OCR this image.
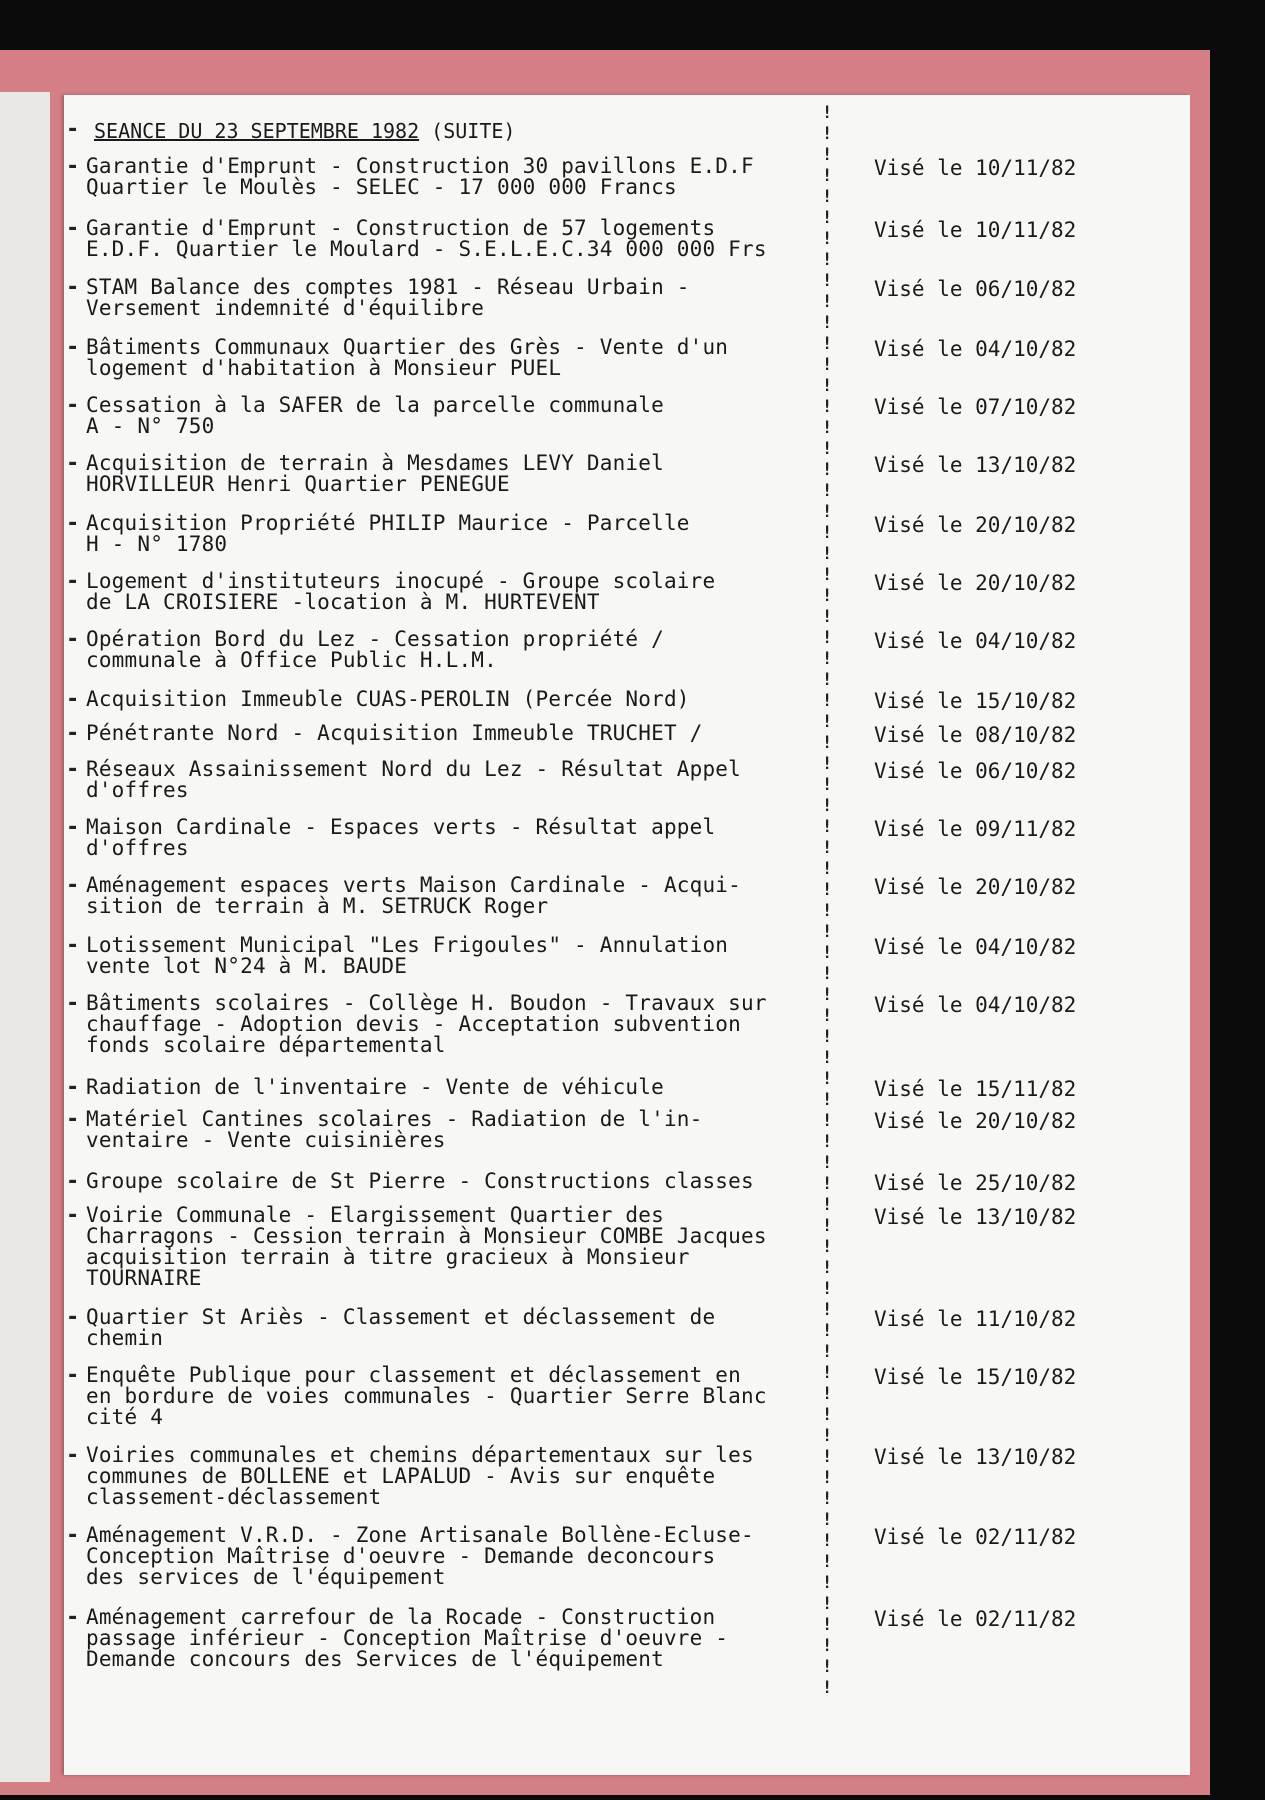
- SEANCE DU 23 SEPTEMBRE 1982 (SUITE)
!
!
!
!
!
!
!
!
!
!
!
!
!
!
!
!
!
!
!
!
!
!
!
!
!
!
!
!
!
!
!
!
!
!
!
!
!
!
!
!
!
!
!
!
!
!
!
!
!
!
!
!
!
!
!
!
!
!
!
!
!
!
!
!
!
!
!
!
!
!
!
!
!
!
!
!
- Garantie d'Emprunt - Construction 30 pavillons E.D.F
Quartier le Moulès - SELEC - 17 000 000 Francs
Visé le 10/11/82
- Garantie d'Emprunt - Construction de 57 logements
E.D.F. Quartier le Moulard - S.E.L.E.C.34 000 000 Frs
Visé le 10/11/82
- STAM Balance des comptes 1981 - Réseau Urbain -
Versement indemnité d'équilibre
Visé le 06/10/82
- Bâtiments Communaux Quartier des Grès - Vente d'un
logement d'habitation à Monsieur PUEL
Visé le 04/10/82
- Cessation à la SAFER de la parcelle communale
A - N° 750
Visé le 07/10/82
- Acquisition de terrain à Mesdames LEVY Daniel
HORVILLEUR Henri Quartier PENEGUE
Visé le 13/10/82
- Acquisition Propriété PHILIP Maurice - Parcelle
H - N° 1780
Visé le 20/10/82
- Logement d'instituteurs inocupé - Groupe scolaire
de LA CROISIERE -location à M. HURTEVENT
Visé le 20/10/82
- Opération Bord du Lez - Cessation propriété /
communale à Office Public H.L.M.
Visé le 04/10/82
- Acquisition Immeuble CUAS-PEROLIN (Percée Nord)	Visé le 15/10/82
- Pénétrante Nord - Acquisition Immeuble TRUCHET /	Visé le 08/10/82
- Réseaux Assainissement Nord du Lez - Résultat Appel
d'offres
Visé le 06/10/82
- Maison Cardinale - Espaces verts - Résultat appel
d'offres
Visé le 09/11/82
- Aménagement espaces verts Maison Cardinale - Acqui-
sition de terrain à M. SETRUCK Roger
Visé le 20/10/82
- Lotissement Municipal "Les Frigoules" - Annulation
vente lot N°24 à M. BAUDE
Visé le 04/10/82
- Bâtiments scolaires - Collège H. Boudon - Travaux sur
chauffage - Adoption devis - Acceptation subvention
fonds scolaire départemental
Visé le 04/10/82
- Radiation de l'inventaire - Vente de véhicule	Visé le 15/11/82
- Matériel Cantines scolaires - Radiation de l'in-
ventaire - Vente cuisinières
Visé le 20/10/82
- Groupe scolaire de St Pierre - Constructions classes	Visé le 25/10/82
- Voirie Communale - Elargissement Quartier des
Charragons - Cession terrain à Monsieur COMBE Jacques
acquisition terrain à titre gracieux à Monsieur
TOURNAIRE
Visé le 13/10/82
- Quartier St Ariès - Classement et déclassement de
chemin
Visé le 11/10/82
- Enquête Publique pour classement et déclassement en
en bordure de voies communales - Quartier Serre Blanc
cité 4
Visé le 15/10/82
- Voiries communales et chemins départementaux sur les
communes de BOLLENE et LAPALUD - Avis sur enquête
classement-déclassement
Visé le 13/10/82
- Aménagement V.R.D. - Zone Artisanale Bollène-Ecluse-
Conception Maîtrise d'oeuvre - Demande deconcours
des services de l'équipement
Visé le 02/11/82
- Aménagement carrefour de la Rocade - Construction
passage inférieur - Conception Maîtrise d'oeuvre -
Demande concours des Services de l'équipement
Visé le 02/11/82
